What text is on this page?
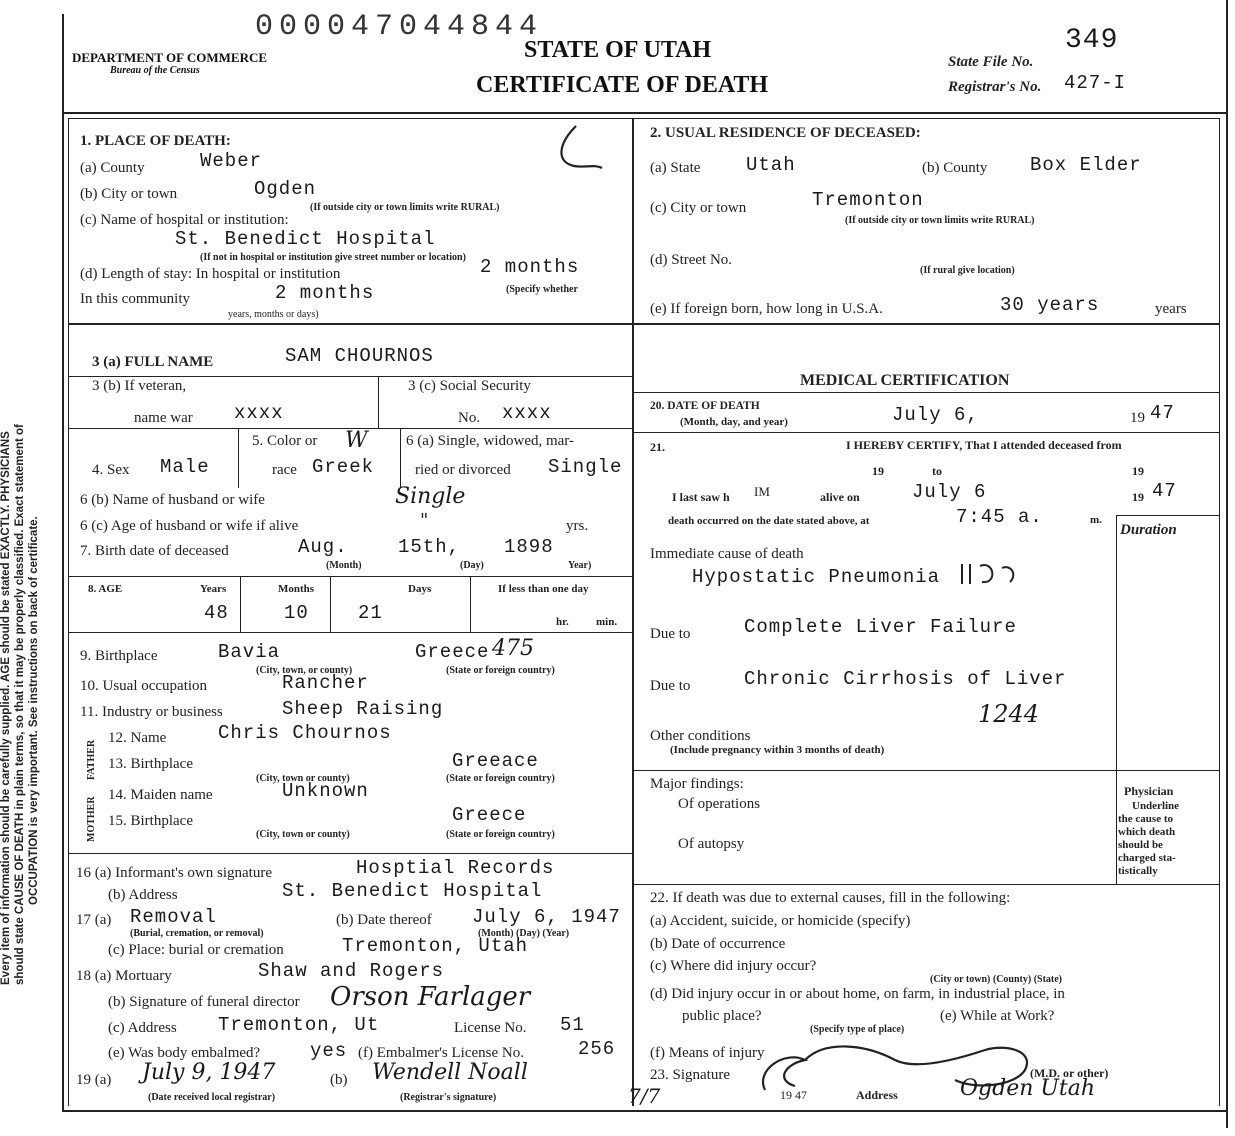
Every item of information should be carefully supplied. AGE should be stated EXACTLY. PHYSICIANS should state CAUSE OF DEATH in plain terms, so that it may be properly classified. Exact statement of OCCUPATION is very important. See instructions on back of certificate.
000047044844
DEPARTMENT OF COMMERCE
Bureau of the Census
STATE OF UTAH
CERTIFICATE OF DEATH
State File No.
349
Registrar's No. 427-I
1. PLACE OF DEATH:
(a) County	Weber
(b) City or town	Ogden
(If outside city or town limits write RURAL)
(c) Name of hospital or institution:
St. Benedict Hospital
(If not in hospital or institution give street number or location)
(d) Length of stay: In hospital or institution	2 months
In this community	2 months	(Specify whether
years, months or days)
2. USUAL RESIDENCE OF DECEASED:
(a) State Utah	(b) County Box Elder
(c) City or town	Tremonton
(If outside city or town limits write RURAL)
(d) Street No.
(If rural give location)
(e) If foreign born, how long in U.S.A.	30 years	years
3 (a) FULL NAME	SAM CHOURNOS
3 (b) If veteran,
name war xxxx
3 (c) Social Security
No. xxxx
4. Sex Male
5. Color or W
race Greek
6 (a) Single, widowed, mar-
ried or divorced Single
6 (b) Name of husband or wife	Single
6 (c) Age of husband or wife if alive	"	yrs.
7. Birth date of deceased	Aug.	15th, 1898
(Month)	(Day)	Year)
8. AGE	Years	Months	Days	If less than one day
48	10	21	hr. min.
9. Birthplace	Bavia	Greece 475
(City, town, or county)	(State or foreign country)
10. Usual occupation	Rancher
11. Industry or business	Sheep Raising
MOTHER
FATHER
12. Name	Chris Chournos
13. Birthplace	Greeace
(City, town or county)	(State or foreign country)
14. Maiden name	Unknown
15. Birthplace	Greece
(City, town or county)	(State or foreign country)
16 (a) Informant's own signature	Hosptial Records
(b) Address	St. Benedict Hospital
17 (a) Removal
(Burial, cremation, or removal)
(b) Date thereof July 6, 1947
(Month) (Day) (Year)
(c) Place: burial or cremation	Tremonton, Utah
18 (a) Mortuary	Shaw and Rogers
(b) Signature of funeral director Orson Farlager
(c) Address Tremonton, Ut	License No. 51
(e) Was body embalmed?	yes (f) Embalmer's License No.	256
19 (a) July 9, 1947	(b) Wendell Noall
(Date received local registrar)	(Registrar's signature)
MEDICAL CERTIFICATION
20. DATE OF DEATH
(Month, day, and year)	July 6,	19 47
21.	I HEREBY CERTIFY, That I attended deceased from
19	to	19
I last saw h IM	alive on	July 6	19 47
death occurred on the date stated above, at	7:45 a.	m.
Duration
Immediate cause of death
Hypostatic Pneumonia
Due to	Complete Liver Failure
Due to	Chronic Cirrhosis of Liver
1244
Other conditions
(Include pregnancy within 3 months of death)
Major findings:
Of operations
Of autopsy
Physician
Underline
the cause to
which death
should be
charged sta-
tistically
22. If death was due to external causes, fill in the following:
(a) Accident, suicide, or homicide (specify)
(b) Date of occurrence
(c) Where did injury occur?
(City or town) (County) (State)
(d) Did injury occur in or about home, on farm, in industrial place, in
public place?
(Specify type of place)
(e) While at Work?
(f) Means of injury
23. Signature	(M.D. or other)
7/7	19 47	Address	Ogden Utah
